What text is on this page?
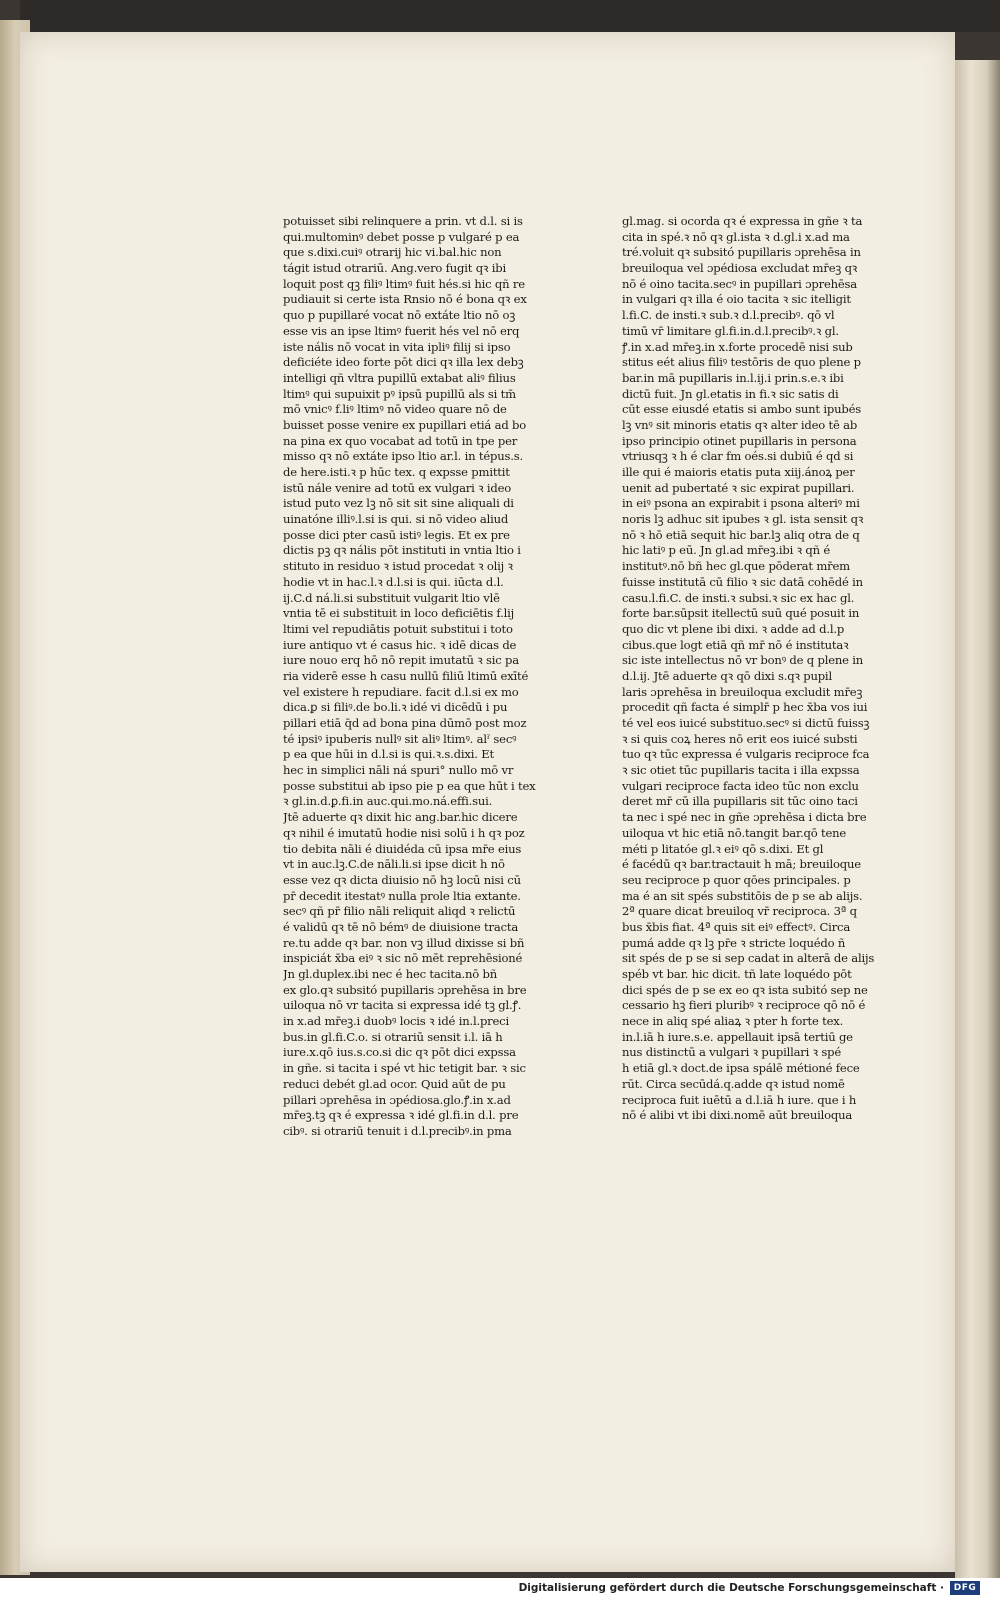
potuisset sibi relinquere a prin. vt d.l. si is
qui.multominꝰ debet posse p vulgaré p ea
que s.dixi.cuiꝰ otrarij hic vi.bal.hic non
tágit istud otrariū. Ang.vero fugit qꝛ ibi
loquit post qꝫ filiꝰ ltimꝰ fuit hés.si hic qñ re
pudiauit si certe ista Rnsio nō é bona qꝛ ex
quo p pupillaré vocat nō extáte ltio nō oꝫ
esse vis an ipse ltimꝰ fuerit hés vel nō erq
iste nális nō vocat in vita ipliꝰ filij si ipso
deficiéte ideo forte pōt dici qꝛ illa lex debꝫ
intelligi qñ vltra pupillū extabat aliꝰ filius
ltimꝰ qui supuixit pꝰ ipsū pupillū als si tm̄
mō vnicꝰ f.liꝰ ltimꝰ nō video quare nō de
buisset posse venire ex pupillari etiá ad bo
na pina ex quo vocabat ad totū in tpe per
misso qꝛ nō extáte ipso ltio ar.l. in tépus.s.
de here.isti.ꝛ p hūc tex. q expsse pmittit
istū nále venire ad totū ex vulgari ꝛ ideo
istud puto vez lꝫ nō sit sit sine aliquali di
uinatóne illiꝰ.l.si is qui. si nō video aliud
posse dici pter casū istiꝰ legis. Et ex pre
dictis pꝫ qꝛ nális pōt instituti in vntia ltio i
stituto in residuo ꝛ istud procedat ꝛ olij ꝛ
hodie vt in hac.l.ꝛ d.l.si is qui. iūcta d.l.
ij.C.d ná.li.si substituit vulgarit ltio vlē
vntia tē ei substituit in loco deficiētis f.lij
ltimi vel repudiātis potuit substitui i toto
iure antiquo vt é casus hic. ꝛ idē dicas de
iure nouo erq hō nō repit imutatū ꝛ sic pa
ria viderē esse h casu nullū filiū ltimū exīté
vel existere h repudiare. facit d.l.si ex mo
dica.ꝑ si filiꝰ.de bo.li.ꝛ idé vi dicēdū i pu
pillari etiā q̄d ad bona pina dūmō post moz
té ipsiꝰ ipuberis nullꝰ sit aliꝰ ltimꝰ. alˀ secꝰ
p ea que hūi in d.l.si is qui.ꝛ.s.dixi. Et
hec in simplici nāli ná spuri° nullo mō vr
posse substitui ab ipso pie p ea que hūt i tex
ꝛ gl.in.d.ꝑ.fi.in auc.qui.mo.ná.effi.sui.
Jtē aduerte qꝛ dixit hic ang.bar.hic dicere
qꝛ nihil é imutatū hodie nisi solū i h qꝛ poz
tio debita nāli é diuidéda cū ipsa mr̄e eius
vt in auc.lꝫ.C.de nāli.li.si ipse dicit h nō
esse vez qꝛ dicta diuisio nō hꝫ locū nisi cū
pr̄ decedit itestatꝰ nulla prole ltia extante.
secꝰ qñ pr̄ filio nāli reliquit aliqd ꝛ relictū
é validū qꝛ tē nō bémꝰ de diuisione tracta
re.tu adde qꝛ bar. non vꝫ illud dixisse si bñ
inspiciát x̄ba eiꝰ ꝛ sic nō mēt reprehēsioné
Jn gl.duplex.ibi nec é hec tacita.nō bñ
ex glo.qꝛ subsitó pupillaris ɔprehēsa in bre
uiloqua nō vr tacita si expressa idé tꝫ gl.ꝭ.
in x.ad mr̄eꝫ.i duobꝰ locis ꝛ idé in.l.preci
bus.in gl.fi.C.o. si otrariū sensit i.l. iā h
iure.x.qō ius.s.co.si dic qꝛ pōt dici expssa
in gñe. si tacita i spé vt hic tetigit bar. ꝛ sic
reduci debét gl.ad ocor. Quid aūt de pu
pillari ɔprehēsa in ɔpédiosa.glo.ꝭ.in x.ad
mr̄eꝫ.tꝫ qꝛ é expressa ꝛ idé gl.fi.in d.l. pre
cibꝰ. si otrariū tenuit i d.l.precibꝰ.in pma
gl.mag. si ocorda qꝛ é expressa in gñe ꝛ ta
cita in spé.ꝛ nō qꝛ gl.ista ꝛ d.gl.i x.ad ma
tré.voluit qꝛ subsitó pupillaris ɔprehēsa in
breuiloqua vel ɔpédiosa excludat mr̄eꝫ qꝛ
nō é oino tacita.secꝰ in pupillari ɔprehēsa
in vulgari qꝛ illa é oio tacita ꝛ sic itelligit
l.fi.C. de insti.ꝛ sub.ꝛ d.l.precibꝰ. qō vl
timū vr̄ limitare gl.fi.in.d.l.precibꝰ.ꝛ gl.
ꝭ.in x.ad mr̄eꝫ.in x.forte procedē nisi sub
stitus eét alius filiꝰ testōris de quo plene p
bar.in mā pupillaris in.l.ij.i prin.s.e.ꝛ ibi
dictū fuit. Jn gl.etatis in fi.ꝛ sic satis di
cūt esse eiusdé etatis si ambo sunt ipubés
lꝫ vnꝰ sit minoris etatis qꝛ alter ideo tē ab
ipso principio otinet pupillaris in persona
vtriusqꝫ ꝛ h é clar fm oés.si dubiū é qd si
ille qui é maioris etatis puta xiij.ánoꝝ per
uenit ad pubertaté ꝛ sic expirat pupillari.
in eiꝰ psona an expirabit i psona alteriꝰ mi
noris lꝫ adhuc sit ipubes ꝛ gl. ista sensit qꝛ
nō ꝛ hō etiā sequit hic bar.lꝫ aliq otra de q
hic latiꝰ p eū. Jn gl.ad mr̄eꝫ.ibi ꝛ qñ é
institutꝰ.nō bñ hec gl.que pōderat mr̄em
fuisse institutā cū filio ꝛ sic datā cohēdé in
casu.l.fi.C. de insti.ꝛ subsi.ꝛ sic ex hac gl.
forte bar.sūpsit itellectū suū qué posuit in
quo dic vt plene ibi dixi. ꝛ adde ad d.l.p
cibus.que logt etiā qñ mr̄ nō é institutaꝛ
sic iste intellectus nō vr bonꝰ de q plene in
d.l.ij. Jtē aduerte qꝛ qō dixi s.qꝛ pupil
laris ɔprehēsa in breuiloqua excludit mr̄eꝫ
procedit qñ facta é simplr̄ p hec x̄ba vos iui
té vel eos iuicé substituo.secꝰ si dictū fuissꝫ
ꝛ si quis coꝝ heres nō erit eos iuicé substi
tuo qꝛ tūc expressa é vulgaris reciproce fca
ꝛ sic otiet tūc pupillaris tacita i illa expssa
vulgari reciproce facta ideo tūc non exclu
deret mr̄ cū illa pupillaris sit tūc oino taci
ta nec i spé nec in gñe ɔprehēsa i dicta bre
uiloqua vt hic etiā nō.tangit bar.qō tene
méti p litatóe gl.ꝛ eiꝰ qō s.dixi. Et gl
é facédū qꝛ bar.tractauit h mā; breuiloque
seu reciproce p quor qōes principales. p
ma é an sit spés substitōis de p se ab alijs.
2ª quare dicat breuiloq vr̄ reciproca. 3ª q
bus x̄bis fiat. 4ª quis sit eiꝰ effectꝰ. Circa
pumá adde qꝛ lꝫ pr̄e ꝛ stricte loquédo ñ
sit spés de p se si sep cadat in alterā de alijs
spéb vt bar. hic dicit. tñ late loquédo pōt
dici spés de p se ex eo qꝛ ista subitó sep ne
cessario hꝫ fieri pluribꝰ ꝛ reciproce qō nō é
nece in aliq spé aliaꝝ ꝛ pter h forte tex.
in.l.iā h iure.s.e. appellauit ipsā tertiū ge
nus distinctū a vulgari ꝛ pupillari ꝛ spé
h etiā gl.ꝛ doct.de ipsa spálē métioné fece
rūt. Circa secūdá.q.adde qꝛ istud nomē
reciproca fuit iuētū a d.l.iā h iure. que i h
nō é alibi vt ibi dixi.nomē aūt breuiloqua
Digitalisierung gefördert durch die Deutsche Forschungsgemeinschaft ·	DFG
